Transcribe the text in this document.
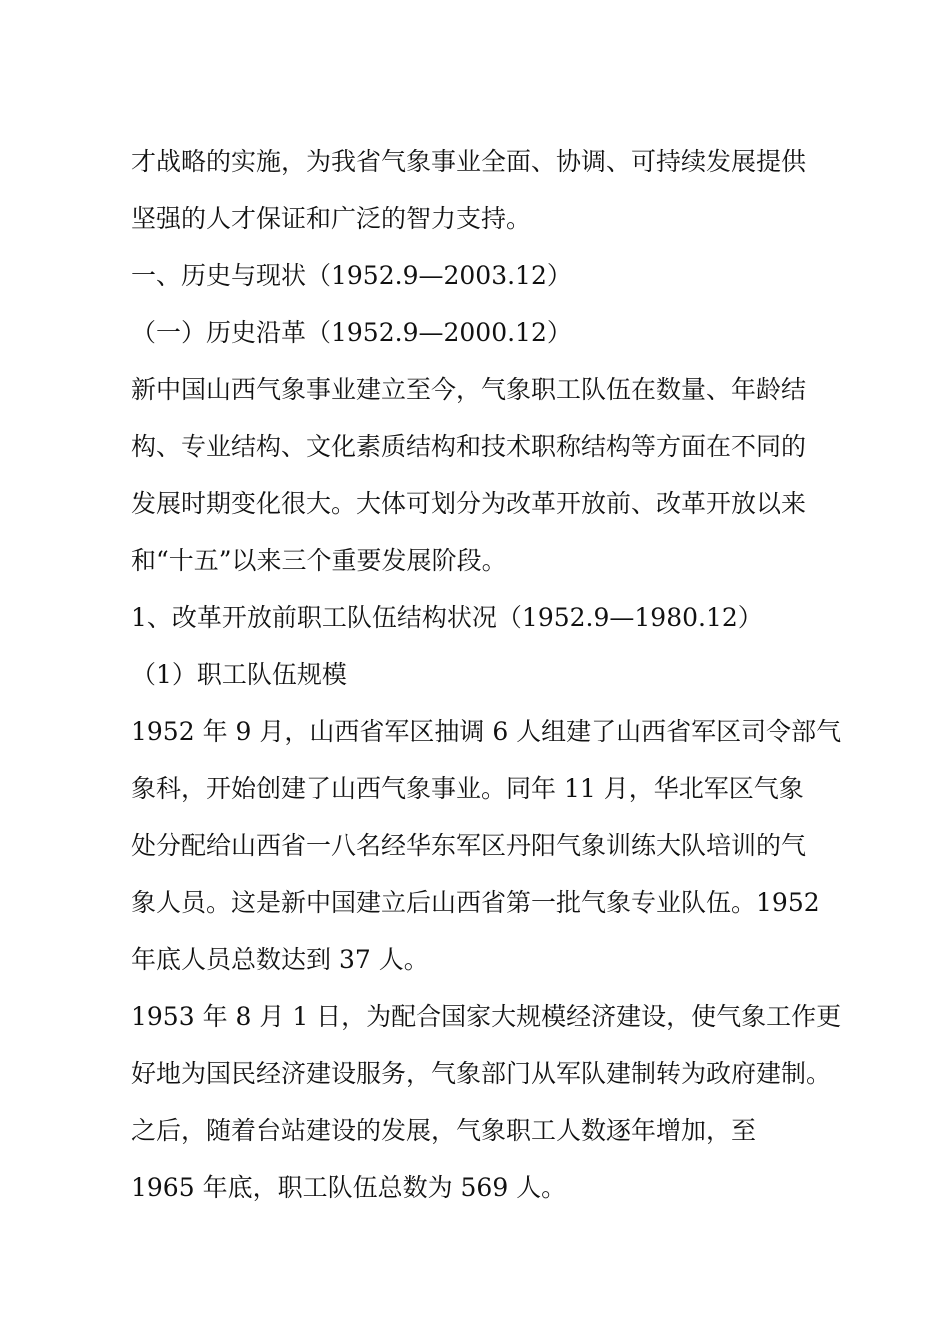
才战略的实施，为我省气象事业全面、协调、可持续发展提供
坚强的人才保证和广泛的智力支持。
一、历史与现状（1952.9—2003.12）
（一）历史沿革（1952.9—2000.12）
新中国山西气象事业建立至今，气象职工队伍在数量、年龄结
构、专业结构、文化素质结构和技术职称结构等方面在不同的
发展时期变化很大。大体可划分为改革开放前、改革开放以来
和“十五”以来三个重要发展阶段。
1、改革开放前职工队伍结构状况（1952.9—1980.12）
（1）职工队伍规模
1952 年 9 月，山西省军区抽调 6 人组建了山西省军区司令部气
象科，开始创建了山西气象事业。同年 11 月，华北军区气象
处分配给山西省一八名经华东军区丹阳气象训练大队培训的气
象人员。这是新中国建立后山西省第一批气象专业队伍。1952
年底人员总数达到 37 人。
1953 年 8 月 1 日，为配合国家大规模经济建设，使气象工作更
好地为国民经济建设服务，气象部门从军队建制转为政府建制。
之后，随着台站建设的发展，气象职工人数逐年增加，至
1965 年底，职工队伍总数为 569 人。
